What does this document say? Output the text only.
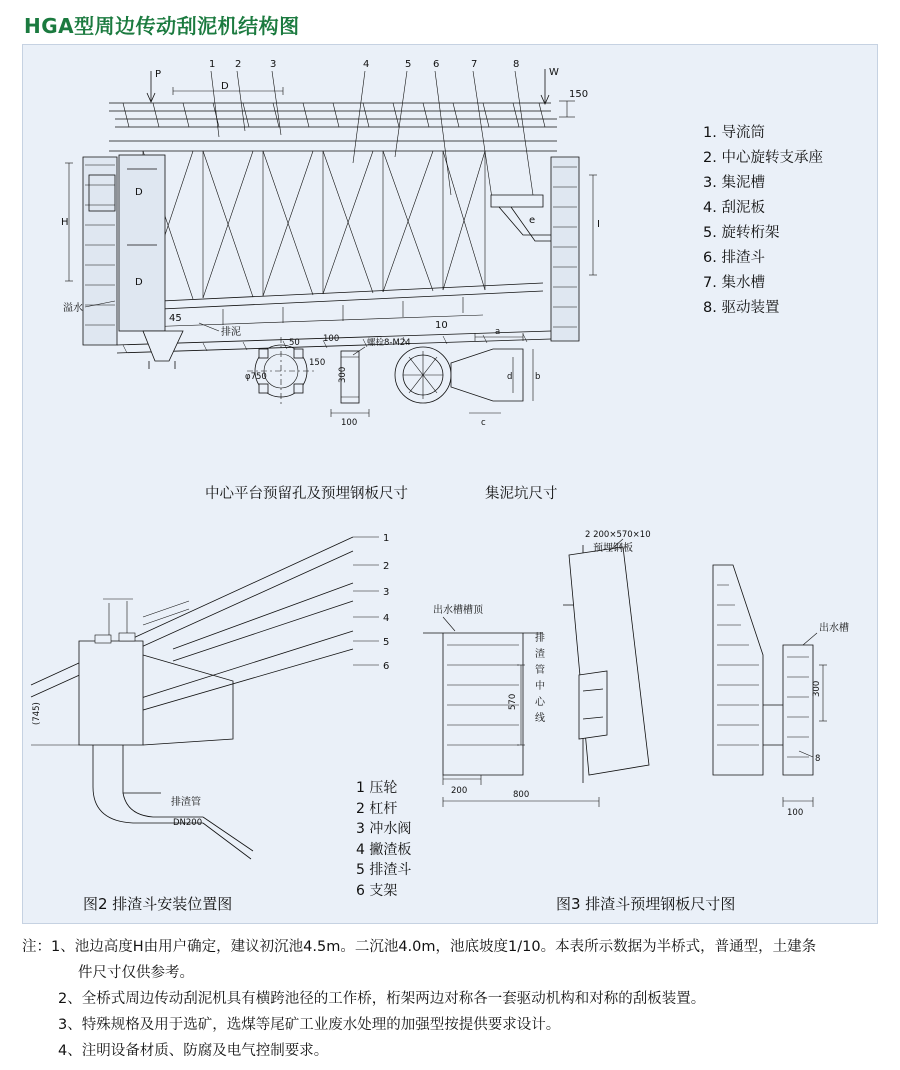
HGA型周边传动刮泥机结构图
1 2	3	4	5 6	7	8
P	W
D
150
D
D
H	e	I
10
45
溢水
排泥
φ750
50	100
150
300
100
螺栓8-M24
a
b
d
c
1
2
3
4
5
6
(745)
排渣管
DN200
出水槽槽顶
排
渣
管
中
心
线
2 200×570×10
预埋钢板
出水槽
570
200	800
300
8
100
1. 导流筒
2. 中心旋转支承座
3. 集泥槽
4. 刮泥板
5. 旋转桁架
6. 排渣斗
7. 集水槽
8. 驱动装置
中心平台预留孔及预埋钢板尺寸	集泥坑尺寸
1 压轮
2 杠杆
3 冲水阀
4 撇渣板
5 排渣斗
6 支架
图2 排渣斗安装位置图	图3 排渣斗预埋钢板尺寸图
注： 1、 池边高度H由用户确定，建议初沉池4.5m。二沉池4.0m，池底坡度1/10。本表所示数据为半桥式，普通型，土建条
件尺寸仅供参考。
2、 全桥式周边传动刮泥机具有横跨池径的工作桥，桁架两边对称各一套驱动机构和对称的刮板装置。
3、 特殊规格及用于选矿，选煤等尾矿工业废水处理的加强型按提供要求设计。
4、 注明设备材质、防腐及电气控制要求。
